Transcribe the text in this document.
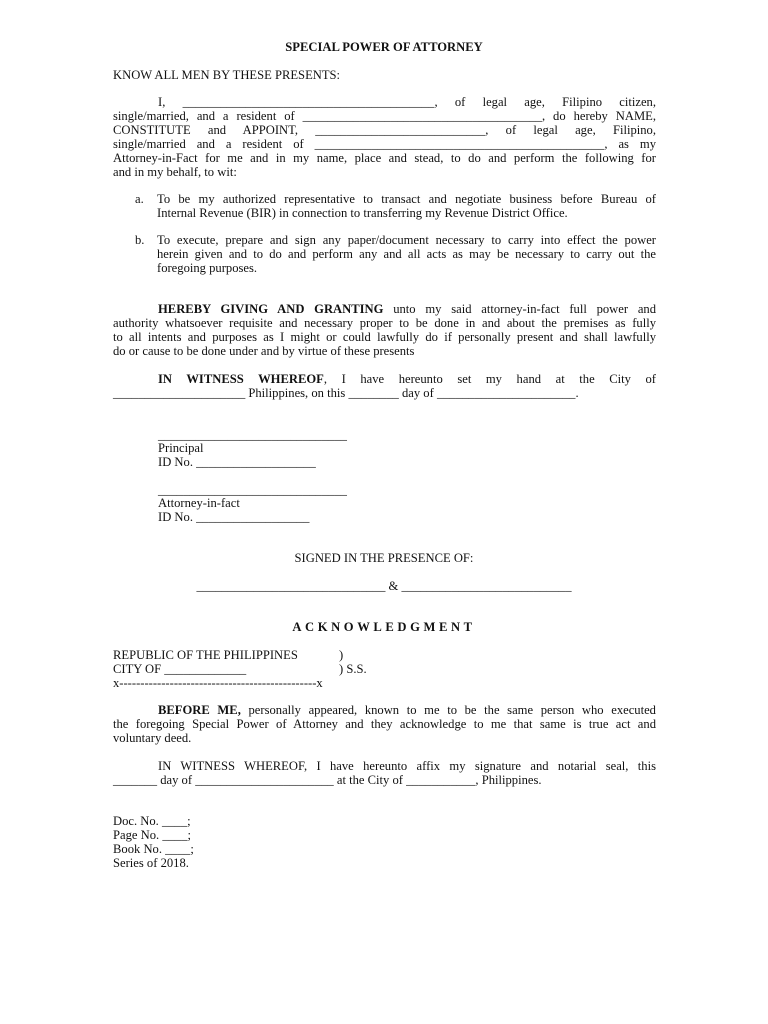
SPECIAL POWER OF ATTORNEY
KNOW ALL MEN BY THESE PRESENTS:

I, ________________________________________, of legal age, Filipino citizen,

single/married, and a resident of ______________________________________, do hereby NAME,

CONSTITUTE and APPOINT, ___________________________, of legal age, Filipino,

single/married and a resident of ______________________________________________, as my

Attorney-in-Fact for me and in my name, place and stead, to do and perform the following for

and in my behalf, to wit:

a. To be my authorized representative to transact and negotiate business before Bureau of

Internal Revenue (BIR) in connection to transferring my Revenue District Office.

b. To execute, prepare and sign any paper/document necessary to carry into effect the power

herein given and to do and perform any and all acts as may be necessary to carry out the

foregoing purposes.

HEREBY GIVING AND GRANTING unto my said attorney-in-fact full power and

authority whatsoever requisite and necessary proper to be done in and about the premises as fully

to all intents and purposes as I might or could lawfully do if personally present and shall lawfully

do or cause to be done under and by virtue of these presents

IN WITNESS WHEREOF, I have hereunto set my hand at the City of

_____________________ Philippines, on this ________ day of ______________________.

______________________________
Principal
ID No. ___________________
______________________________
Attorney-in-fact
ID No. __________________
SIGNED IN THE PRESENCE OF:
______________________________ & ___________________________
ACKNOWLEDGMENT
REPUBLIC OF THE PHILIPPINES	)
CITY OF _____________	) S.S.
x-----------------------------------------------x

BEFORE ME, personally appeared, known to me to be the same person who executed

the foregoing Special Power of Attorney and they acknowledge to me that same is true act and

voluntary deed.

IN WITNESS WHEREOF, I have hereunto affix my signature and notarial seal, this

_______ day of ______________________ at the City of ___________, Philippines.

Doc. No. ____;
Page No. ____;
Book No. ____;
Series of 2018.
